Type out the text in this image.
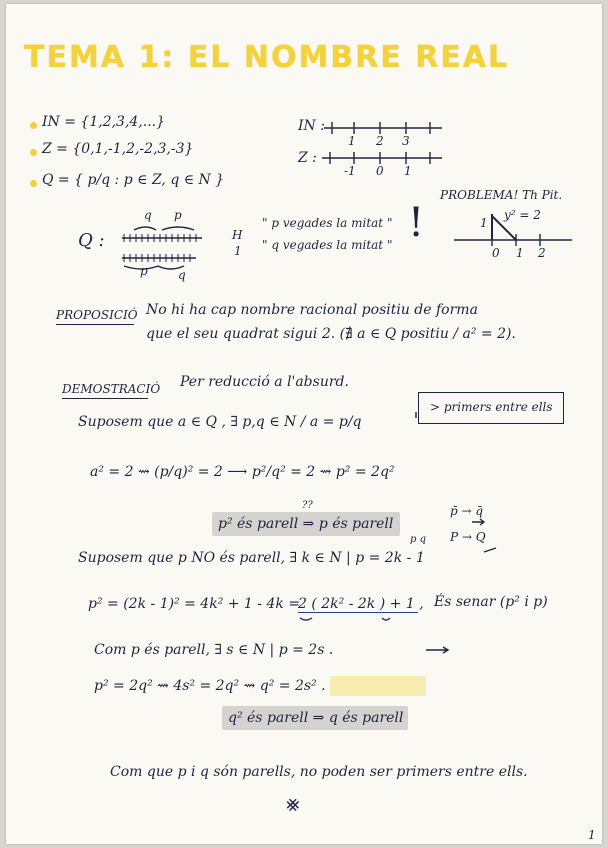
TEMA 1: EL NOMBRE REAL
IN = {1,2,3,4,...}
Z = {0,1,-1,2,-2,3,-3}
Q = { p/q : p ∈ Z, q ∈ N }
IN :
1 2 3
Z :
-1 0 1
Q :
q p
p	q
H
1
" p vegades la mitat "
" q vegades la mitat " !
PROBLEMA! Th Pit.
y² = 2
1
0 1 2
PROPOSICIÓ No hi ha cap nombre racional positiu de forma
que el seu quadrat sigui 2. (∄ a ∈ Q positiu / a² = 2).
DEMOSTRACIÓ Per reducció a l'absurd.
Suposem que a ∈ Q , ∃ p,q ∈ N / a = p/q
> primers entre ells
a² = 2 ⇝ (p/q)² = 2 ⟶ p²/q² = 2 ⇝ p² = 2q²
??
p² és parell ⇒ p és parell
p̄ → q̄
p q P → Q
Suposem que p NO és parell, ∃ k ∈ N | p = 2k - 1
p² = (2k - 1)² = 4k² + 1 - 4k =
2 ( 2k² - 2k ) + 1 , És senar (p² i p)
Com p és parell, ∃ s ∈ N | p = 2s .
p² = 2q² ⇝ 4s² = 2q² ⇝ q² = 2s² .
q² és parell ⇒ q és parell
Com que p i q són parells, no poden ser primers entre ells.
⨳
1
